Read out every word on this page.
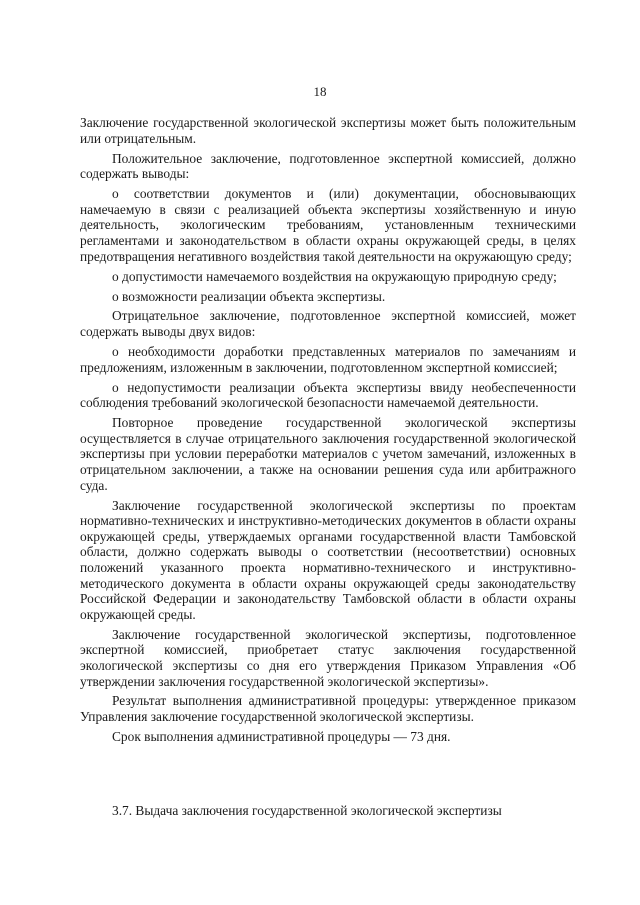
18

Заключение государственной экологической экспертизы может быть положительным или отрицательным.

Положительное заключение, подготовленное экспертной комиссией, должно содержать выводы:

о соответствии документов и (или) документации, обосновывающих намечаемую в связи с реализацией объекта экспертизы хозяйственную и иную деятельность, экологическим требованиям, установленным техническими регламентами и законодательством в области охраны окружающей среды, в целях предотвращения негативного воздействия такой деятельности на окружающую среду;

о допустимости намечаемого воздействия на окружающую природную среду;

о возможности реализации объекта экспертизы.

Отрицательное заключение, подготовленное экспертной комиссией, может содержать выводы двух видов:

о необходимости доработки представленных материалов по замечаниям и предложениям, изложенным в заключении, подготовленном экспертной комиссией;

о недопустимости реализации объекта экспертизы ввиду необеспеченности соблюдения требований экологической безопасности намечаемой деятельности.

Повторное проведение государственной экологической экспертизы осуществляется в случае отрицательного заключения государственной экологической экспертизы при условии переработки материалов с учетом замечаний, изложенных в отрицательном заключении, а также на основании решения суда или арбитражного суда.

Заключение государственной экологической экспертизы по проектам нормативно-технических и инструктивно-методических документов в области охраны окружающей среды, утверждаемых органами государственной власти Тамбовской области, должно содержать выводы о соответствии (несоответствии) основных положений указанного проекта нормативно-технического и инструктивно-методического документа в области охраны окружающей среды законодательству Российской Федерации и законодательству Тамбовской области в области охраны окружающей среды.

Заключение государственной экологической экспертизы, подготовленное экспертной комиссией, приобретает статус заключения государственной экологической экспертизы со дня его утверждения Приказом Управления «Об утверждении заключения государственной экологической экспертизы».

Результат выполнения административной процедуры: утвержденное приказом Управления заключение государственной экологической экспертизы.

Срок выполнения административной процедуры — 73 дня.

3.7. Выдача заключения государственной экологической экспертизы
